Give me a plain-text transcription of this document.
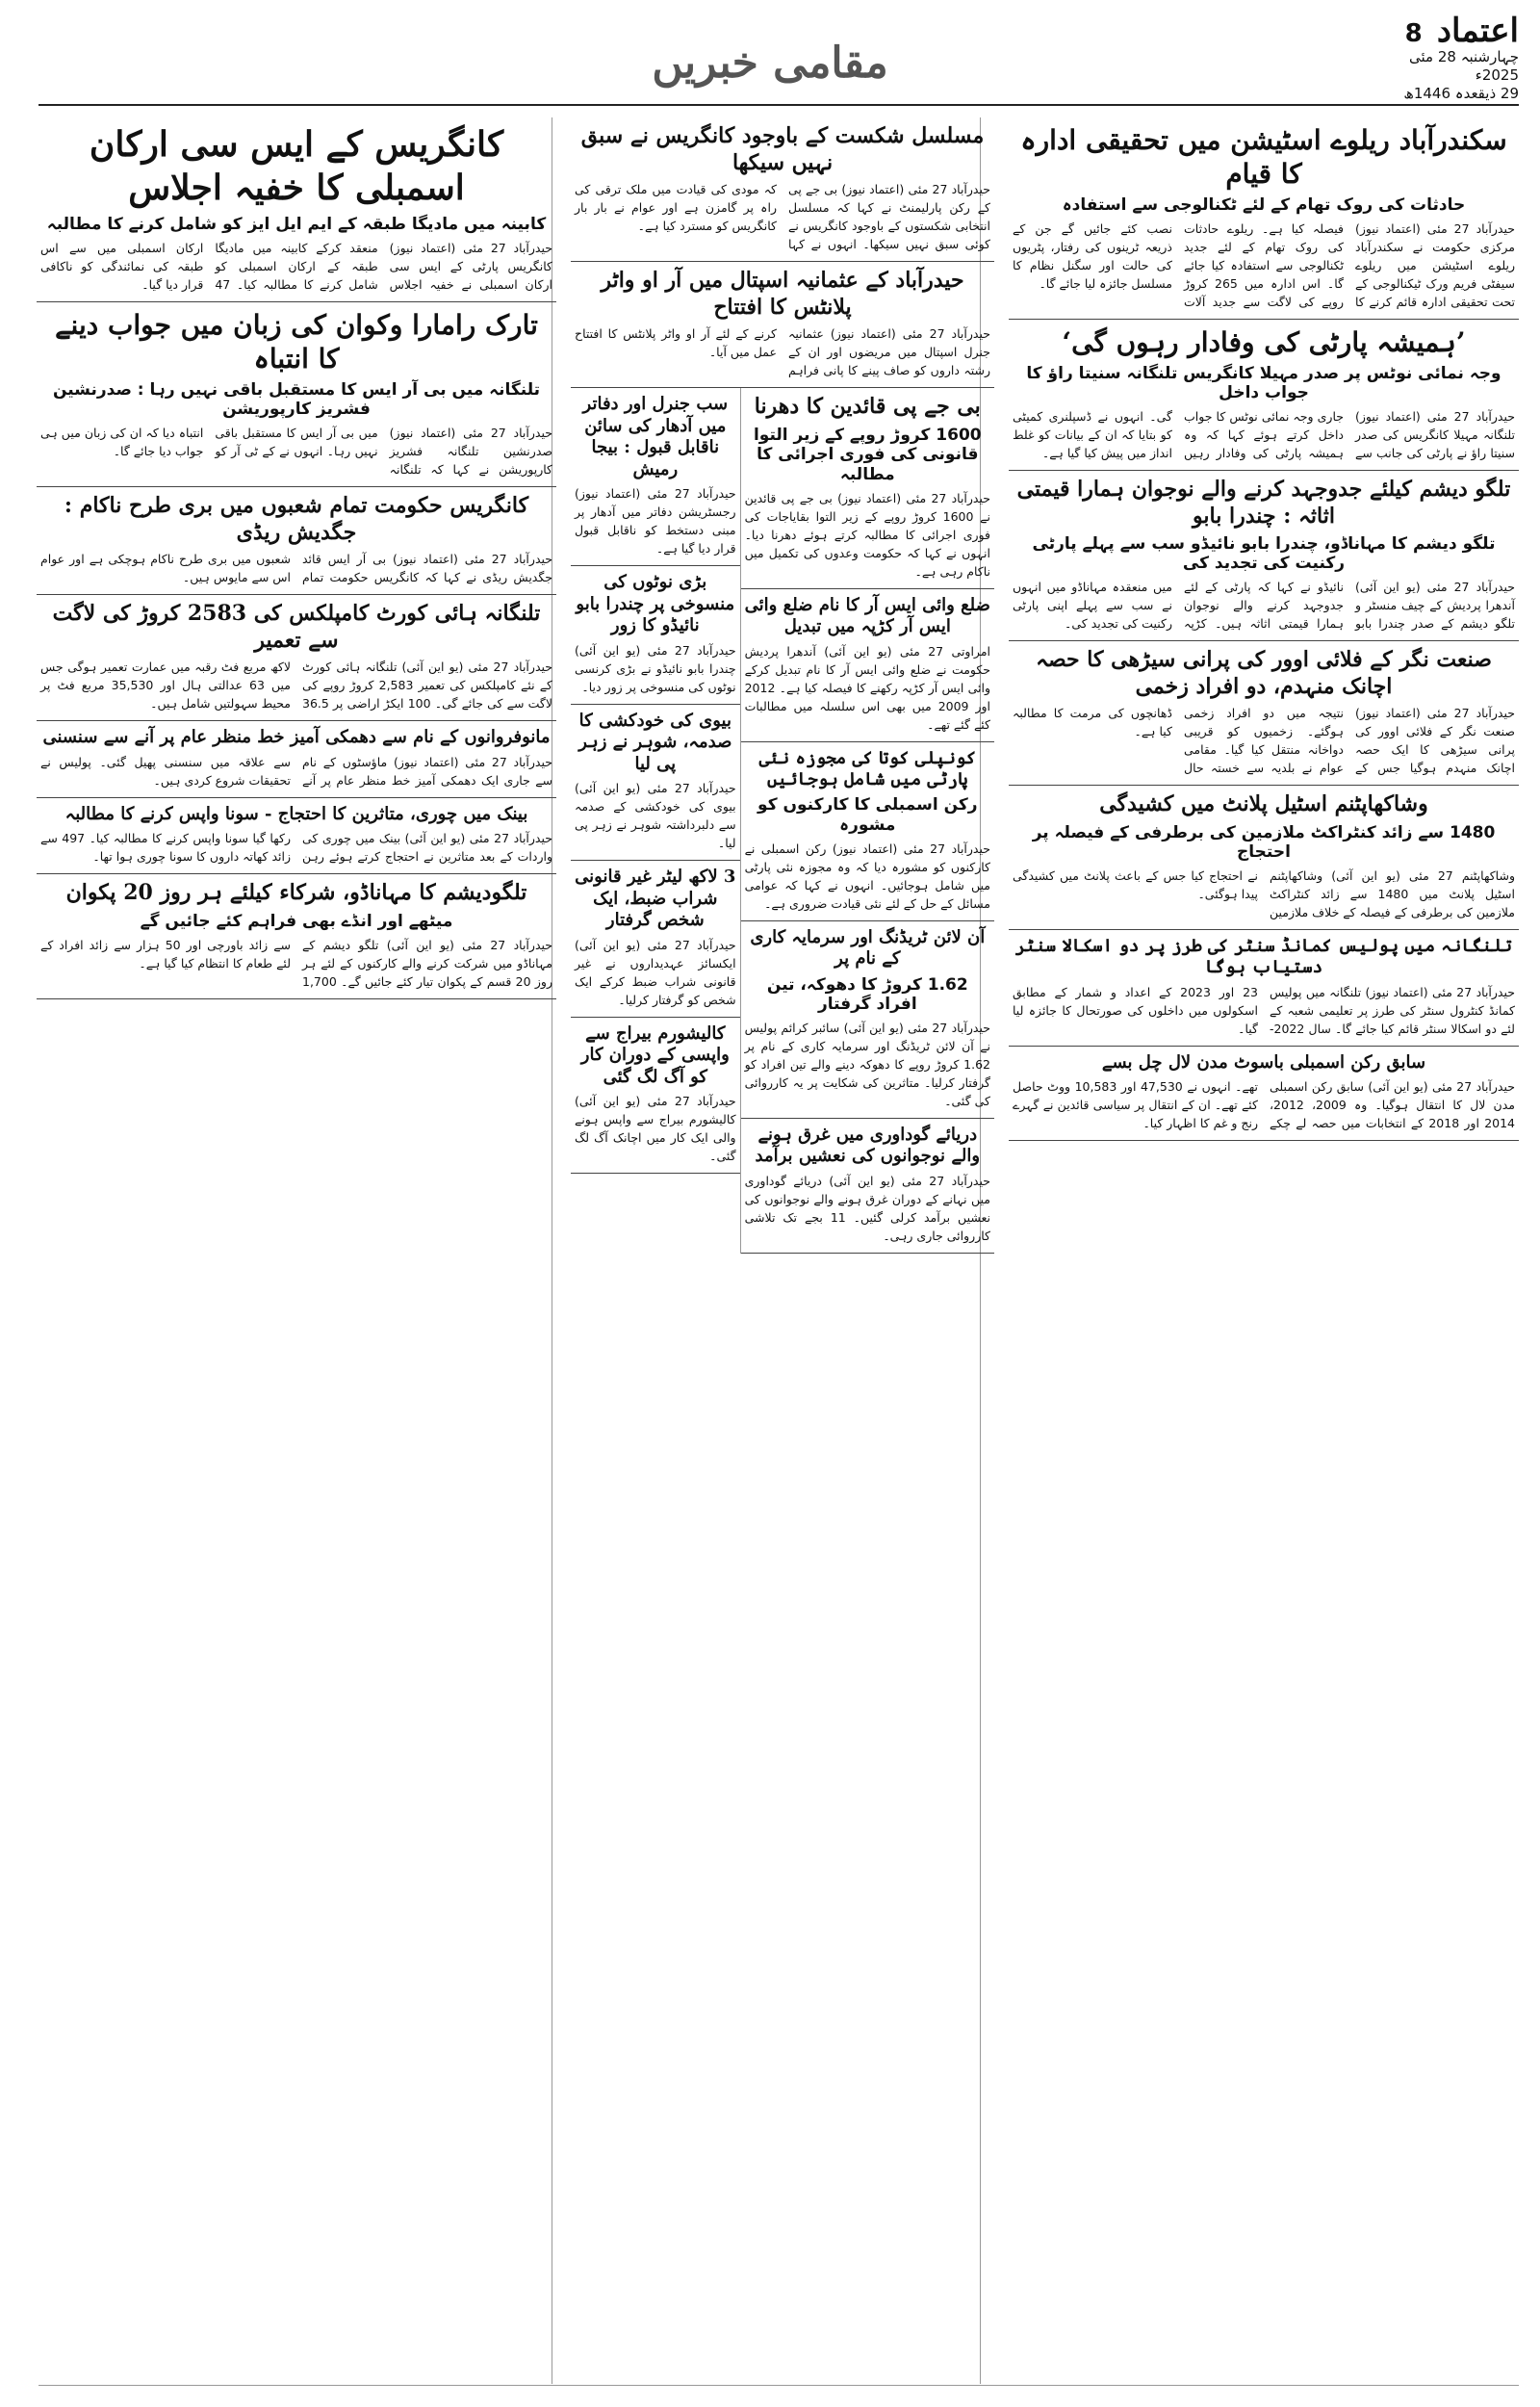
اعتماد 8
چہارشنبہ 28 مئی 2025ء
29 ذیقعدہ 1446ھ
مقامی خبریں
سکندرآباد ریلوے اسٹیشن میں تحقیقی ادارہ کا قیام
حادثات کی روک تھام کے لئے ٹکنالوجی سے استفادہ
حیدرآباد 27 مئی (اعتماد نیوز) مرکزی حکومت نے سکندرآباد ریلوے اسٹیشن میں ریلوے سیفٹی فریم ورک ٹیکنالوجی کے تحت تحقیقی ادارہ قائم کرنے کا فیصلہ کیا ہے۔ ریلوے حادثات کی روک تھام کے لئے جدید ٹکنالوجی سے استفادہ کیا جائے گا۔ اس ادارہ میں 265 کروڑ روپے کی لاگت سے جدید آلات نصب کئے جائیں گے جن کے ذریعہ ٹرینوں کی رفتار، پٹریوں کی حالت اور سگنل نظام کا مسلسل جائزہ لیا جائے گا۔
’ہمیشہ پارٹی کی وفادار رہوں گی‘
وجہ نمائی نوٹس پر صدر مہیلا کانگریس تلنگانہ سنیتا راؤ کا جواب داخل
حیدرآباد 27 مئی (اعتماد نیوز) تلنگانہ مہیلا کانگریس کی صدر سنیتا راؤ نے پارٹی کی جانب سے جاری وجہ نمائی نوٹس کا جواب داخل کرتے ہوئے کہا کہ وہ ہمیشہ پارٹی کی وفادار رہیں گی۔ انہوں نے ڈسپلنری کمیٹی کو بتایا کہ ان کے بیانات کو غلط انداز میں پیش کیا گیا ہے۔
تلگو دیشم کیلئے جدوجہد کرنے والے نوجوان ہمارا قیمتی اثاثہ : چندرا بابو
تلگو دیشم کا مہاناڈو، چندرا بابو نائیڈو سب سے پہلے پارٹی رکنیت کی تجدید کی
حیدرآباد 27 مئی (یو این آئی) آندھرا پردیش کے چیف منسٹر و تلگو دیشم کے صدر چندرا بابو نائیڈو نے کہا کہ پارٹی کے لئے جدوجہد کرنے والے نوجوان ہمارا قیمتی اثاثہ ہیں۔ کڑپہ میں منعقدہ مہاناڈو میں انہوں نے سب سے پہلے اپنی پارٹی رکنیت کی تجدید کی۔
صنعت نگر کے فلائی اوور کی پرانی سیڑھی کا حصہ اچانک منہدم، دو افراد زخمی
حیدرآباد 27 مئی (اعتماد نیوز) صنعت نگر کے فلائی اوور کی پرانی سیڑھی کا ایک حصہ اچانک منہدم ہوگیا جس کے نتیجہ میں دو افراد زخمی ہوگئے۔ زخمیوں کو قریبی دواخانہ منتقل کیا گیا۔ مقامی عوام نے بلدیہ سے خستہ حال ڈھانچوں کی مرمت کا مطالبہ کیا ہے۔
وشاکھاپٹنم اسٹیل پلانٹ میں کشیدگی
1480 سے زائد کنٹراکٹ ملازمین کی برطرفی کے فیصلہ پر احتجاج
وشاکھاپٹنم 27 مئی (یو این آئی) وشاکھاپٹنم اسٹیل پلانٹ میں 1480 سے زائد کنٹراکٹ ملازمین کی برطرفی کے فیصلہ کے خلاف ملازمین نے احتجاج کیا جس کے باعث پلانٹ میں کشیدگی پیدا ہوگئی۔
تلنگانہ میں پولیس کمانڈ سنٹر کی طرز پر دو اسکالا سنٹر دستیاب ہوگا
حیدرآباد 27 مئی (اعتماد نیوز) تلنگانہ میں پولیس کمانڈ کنٹرول سنٹر کی طرز پر تعلیمی شعبہ کے لئے دو اسکالا سنٹر قائم کیا جائے گا۔ سال 2022-23 اور 2023 کے اعداد و شمار کے مطابق اسکولوں میں داخلوں کی صورتحال کا جائزہ لیا گیا۔
سابق رکن اسمبلی باسوٹ مدن لال چل بسے
حیدرآباد 27 مئی (یو این آئی) سابق رکن اسمبلی مدن لال کا انتقال ہوگیا۔ وہ 2009، 2012، 2014 اور 2018 کے انتخابات میں حصہ لے چکے تھے۔ انہوں نے 47,530 اور 10,583 ووٹ حاصل کئے تھے۔ ان کے انتقال پر سیاسی قائدین نے گہرے رنج و غم کا اظہار کیا۔
مسلسل شکست کے باوجود کانگریس نے سبق نہیں سیکھا
حیدرآباد 27 مئی (اعتماد نیوز) بی جے پی کے رکن پارلیمنٹ نے کہا کہ مسلسل انتخابی شکستوں کے باوجود کانگریس نے کوئی سبق نہیں سیکھا۔ انہوں نے کہا کہ مودی کی قیادت میں ملک ترقی کی راہ پر گامزن ہے اور عوام نے بار بار کانگریس کو مسترد کیا ہے۔
حیدرآباد کے عثمانیہ اسپتال میں آر او واٹر پلانٹس کا افتتاح
حیدرآباد 27 مئی (اعتماد نیوز) عثمانیہ جنرل اسپتال میں مریضوں اور ان کے رشتہ داروں کو صاف پینے کا پانی فراہم کرنے کے لئے آر او واٹر پلانٹس کا افتتاح عمل میں آیا۔
بی جے پی قائدین کا دھرنا
1600 کروڑ روپے کے زیر التوا قانونی کی فوری اجرائی کا مطالبہ
حیدرآباد 27 مئی (اعتماد نیوز) بی جے پی قائدین نے 1600 کروڑ روپے کے زیر التوا بقایاجات کی فوری اجرائی کا مطالبہ کرتے ہوئے دھرنا دیا۔ انہوں نے کہا کہ حکومت وعدوں کی تکمیل میں ناکام رہی ہے۔
ضلع وائی ایس آر کا نام ضلع وائی ایس آر کڑپہ میں تبدیل
امراوتی 27 مئی (یو این آئی) آندھرا پردیش حکومت نے ضلع وائی ایس آر کا نام تبدیل کرکے وائی ایس آر کڑپہ رکھنے کا فیصلہ کیا ہے۔ 2012 اور 2009 میں بھی اس سلسلہ میں مطالبات کئے گئے تھے۔
کونپلی کوتا کی مجوزہ نئی پارٹی میں شامل ہوجائیں
رکن اسمبلی کا کارکنوں کو مشورہ
حیدرآباد 27 مئی (اعتماد نیوز) رکن اسمبلی نے کارکنوں کو مشورہ دیا کہ وہ مجوزہ نئی پارٹی میں شامل ہوجائیں۔ انہوں نے کہا کہ عوامی مسائل کے حل کے لئے نئی قیادت ضروری ہے۔
آن لائن ٹریڈنگ اور سرمایہ کاری کے نام پر
1.62 کروڑ کا دھوکہ، تین افراد گرفتار
حیدرآباد 27 مئی (یو این آئی) سائبر کرائم پولیس نے آن لائن ٹریڈنگ اور سرمایہ کاری کے نام پر 1.62 کروڑ روپے کا دھوکہ دینے والے تین افراد کو گرفتار کرلیا۔ متاثرین کی شکایت پر یہ کارروائی کی گئی۔
دریائے گوداوری میں غرق ہونے والے نوجوانوں کی نعشیں برآمد
حیدرآباد 27 مئی (یو این آئی) دریائے گوداوری میں نہانے کے دوران غرق ہونے والے نوجوانوں کی نعشیں برآمد کرلی گئیں۔ 11 بجے تک تلاشی کارروائی جاری رہی۔
سب جنرل اور دفاتر میں آدھار کی سائن ناقابل قبول : بیجا رمیش
حیدرآباد 27 مئی (اعتماد نیوز) رجسٹریشن دفاتر میں آدھار پر مبنی دستخط کو ناقابل قبول قرار دیا گیا ہے۔
بڑی نوٹوں کی منسوخی پر چندرا بابو نائیڈو کا زور
حیدرآباد 27 مئی (یو این آئی) چندرا بابو نائیڈو نے بڑی کرنسی نوٹوں کی منسوخی پر زور دیا۔
بیوی کی خودکشی کا صدمہ، شوہر نے زہر پی لیا
حیدرآباد 27 مئی (یو این آئی) بیوی کی خودکشی کے صدمہ سے دلبرداشتہ شوہر نے زہر پی لیا۔
3 لاکھ لیٹر غیر قانونی شراب ضبط، ایک شخص گرفتار
حیدرآباد 27 مئی (یو این آئی) ایکسائز عہدیداروں نے غیر قانونی شراب ضبط کرکے ایک شخص کو گرفتار کرلیا۔
کالیشورم بیراج سے واپسی کے دوران کار کو آگ لگ گئی
حیدرآباد 27 مئی (یو این آئی) کالیشورم بیراج سے واپس ہونے والی ایک کار میں اچانک آگ لگ گئی۔
کانگریس کے ایس سی ارکان اسمبلی کا خفیہ اجلاس
کابینہ میں مادیگا طبقہ کے ایم ایل ایز کو شامل کرنے کا مطالبہ
حیدرآباد 27 مئی (اعتماد نیوز) کانگریس پارٹی کے ایس سی ارکان اسمبلی نے خفیہ اجلاس منعقد کرکے کابینہ میں مادیگا طبقہ کے ارکان اسمبلی کو شامل کرنے کا مطالبہ کیا۔ 47 ارکان اسمبلی میں سے اس طبقہ کی نمائندگی کو ناکافی قرار دیا گیا۔
تارک رامارا وکوان کی زبان میں جواب دینے کا انتباہ
تلنگانہ میں بی آر ایس کا مستقبل باقی نہیں رہا : صدرنشین فشریز کارپوریشن
حیدرآباد 27 مئی (اعتماد نیوز) صدرنشین تلنگانہ فشریز کارپوریشن نے کہا کہ تلنگانہ میں بی آر ایس کا مستقبل باقی نہیں رہا۔ انہوں نے کے ٹی آر کو انتباہ دیا کہ ان کی زبان میں ہی جواب دیا جائے گا۔
کانگریس حکومت تمام شعبوں میں بری طرح ناکام : جگدیش ریڈی
حیدرآباد 27 مئی (اعتماد نیوز) بی آر ایس قائد جگدیش ریڈی نے کہا کہ کانگریس حکومت تمام شعبوں میں بری طرح ناکام ہوچکی ہے اور عوام اس سے مایوس ہیں۔
تلنگانہ ہائی کورٹ کامپلکس کی 2583 کروڑ کی لاگت سے تعمیر
حیدرآباد 27 مئی (یو این آئی) تلنگانہ ہائی کورٹ کے نئے کامپلکس کی تعمیر 2,583 کروڑ روپے کی لاگت سے کی جائے گی۔ 100 ایکڑ اراضی پر 36.5 لاکھ مربع فٹ رقبہ میں عمارت تعمیر ہوگی جس میں 63 عدالتی ہال اور 35,530 مربع فٹ پر محیط سہولتیں شامل ہیں۔
مانوفروانوں کے نام سے دھمکی آمیز خط منظر عام پر آنے سے سنسنی
حیدرآباد 27 مئی (اعتماد نیوز) ماؤسٹوں کے نام سے جاری ایک دھمکی آمیز خط منظر عام پر آنے سے علاقہ میں سنسنی پھیل گئی۔ پولیس نے تحقیقات شروع کردی ہیں۔
بینک میں چوری، متاثرین کا احتجاج - سونا واپس کرنے کا مطالبہ
حیدرآباد 27 مئی (یو این آئی) بینک میں چوری کی واردات کے بعد متاثرین نے احتجاج کرتے ہوئے رہن رکھا گیا سونا واپس کرنے کا مطالبہ کیا۔ 497 سے زائد کھاتہ داروں کا سونا چوری ہوا تھا۔
تلگودیشم کا مہاناڈو، شرکاء کیلئے ہر روز 20 پکوان
میٹھے اور انڈے بھی فراہم کئے جائیں گے
حیدرآباد 27 مئی (یو این آئی) تلگو دیشم کے مہاناڈو میں شرکت کرنے والے کارکنوں کے لئے ہر روز 20 قسم کے پکوان تیار کئے جائیں گے۔ 1,700 سے زائد باورچی اور 50 ہزار سے زائد افراد کے لئے طعام کا انتظام کیا گیا ہے۔
